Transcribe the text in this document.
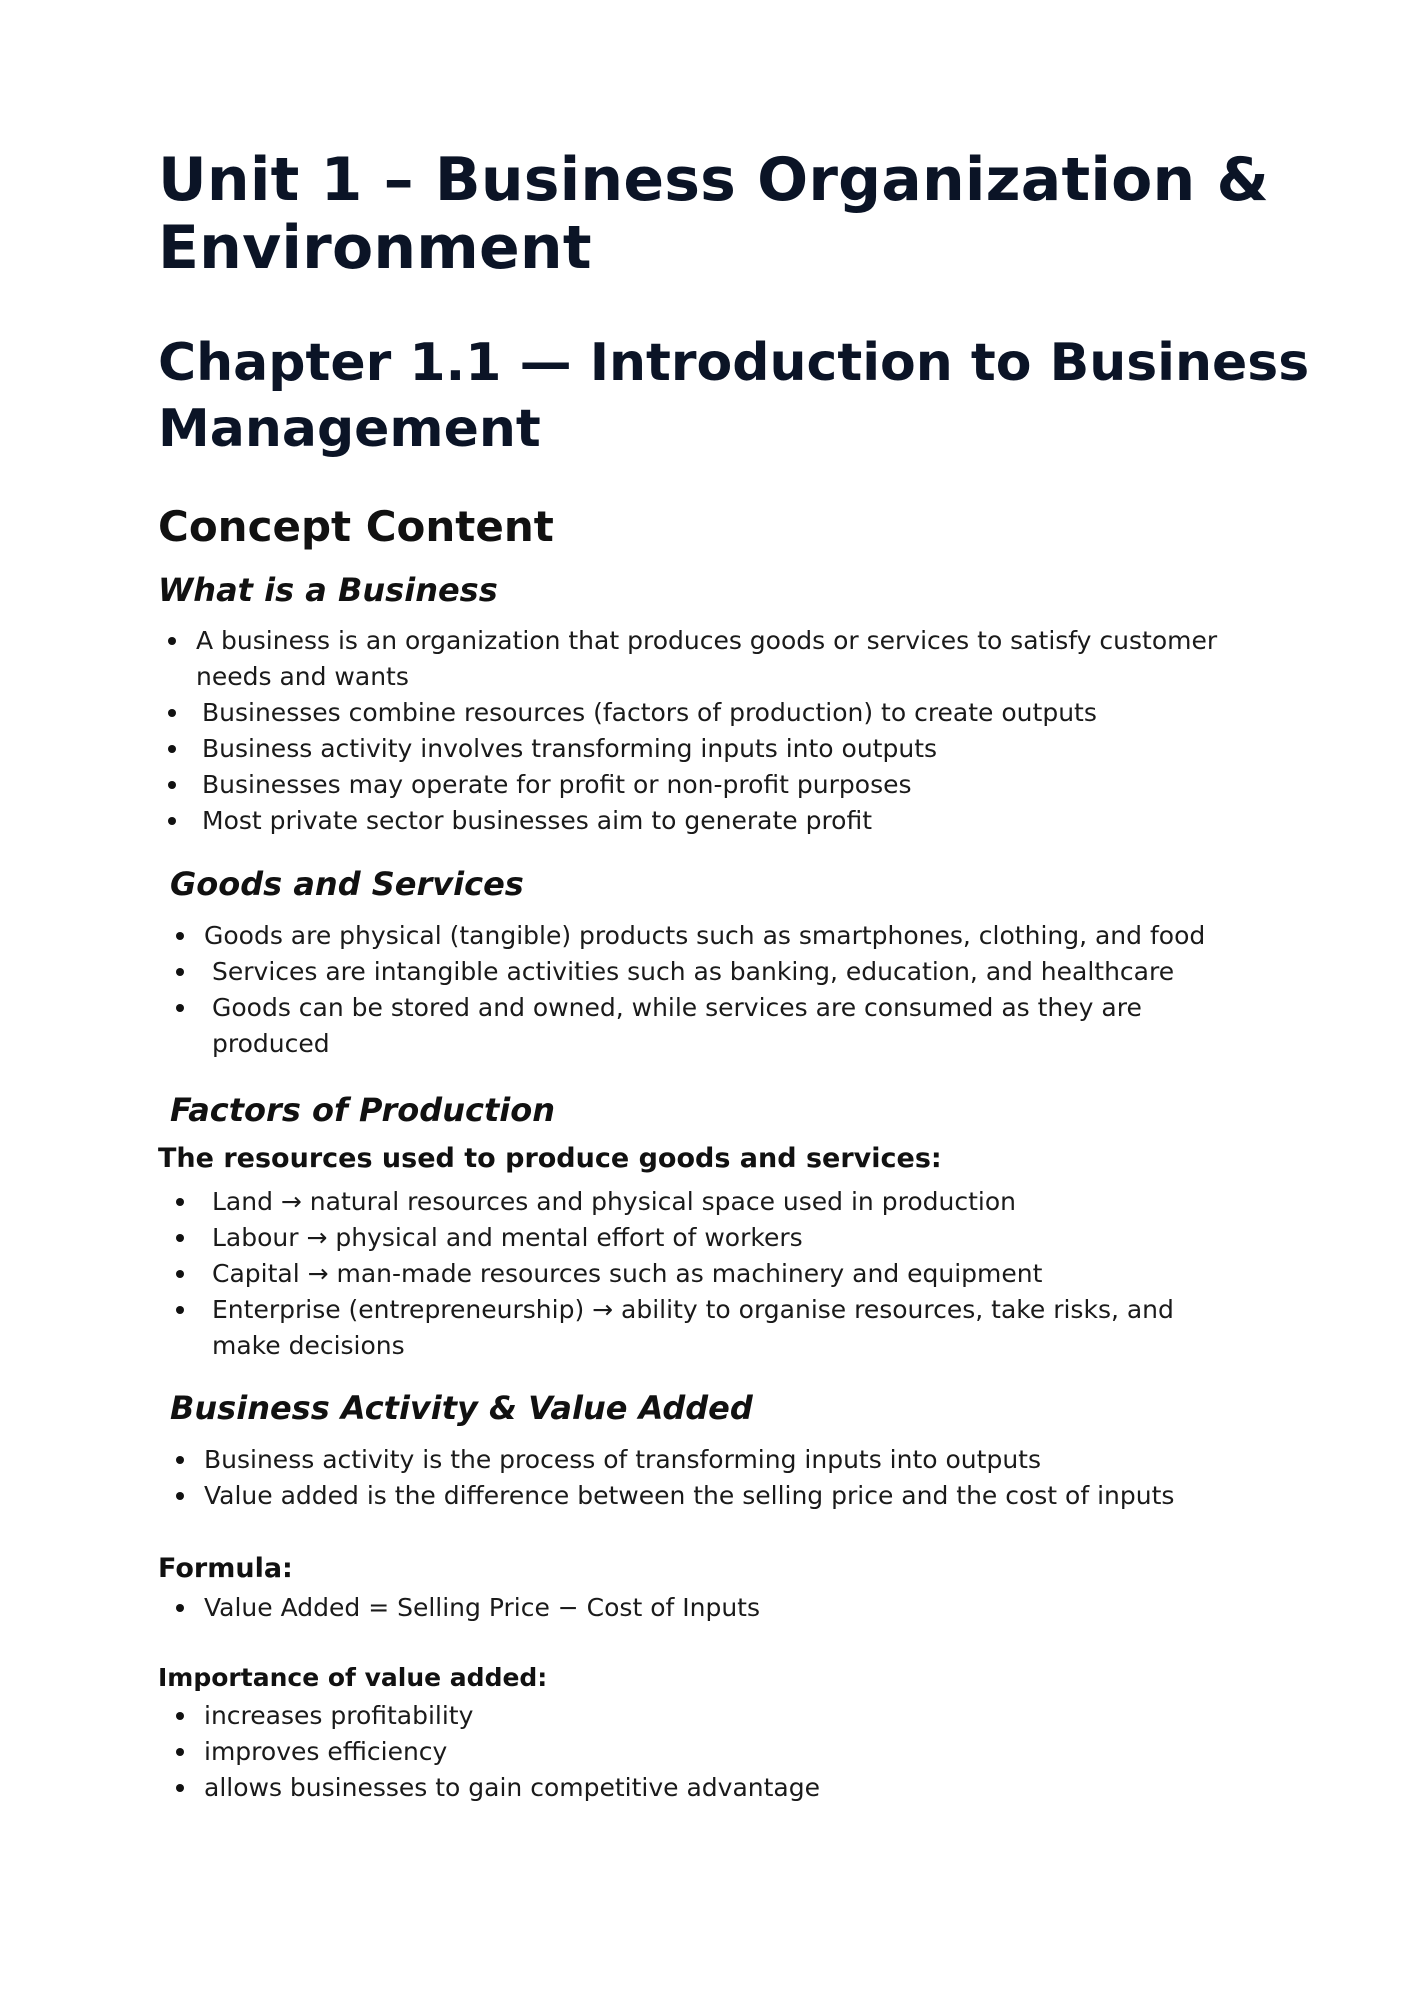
Unit 1 – Business Organization &
Environment
Chapter 1.1 — Introduction to Business
Management
Concept Content
What is a Business
A business is an organization that produces goods or services to satisfy customer needs and wants
Businesses combine resources (factors of production) to create outputs
Business activity involves transforming inputs into outputs
Businesses may operate for profit or non-profit purposes
Most private sector businesses aim to generate profit
Goods and Services
Goods are physical (tangible) products such as smartphones, clothing, and food
Services are intangible activities such as banking, education, and healthcare
Goods can be stored and owned, while services are consumed as they are produced
Factors of Production
The resources used to produce goods and services:
Land → natural resources and physical space used in production
Labour → physical and mental effort of workers
Capital → man-made resources such as machinery and equipment
Enterprise (entrepreneurship) → ability to organise resources, take risks, and make decisions
Business Activity & Value Added
Business activity is the process of transforming inputs into outputs
Value added is the difference between the selling price and the cost of inputs
Formula:
Value Added = Selling Price − Cost of Inputs
Importance of value added:
increases profitability
improves efficiency
allows businesses to gain competitive advantage
